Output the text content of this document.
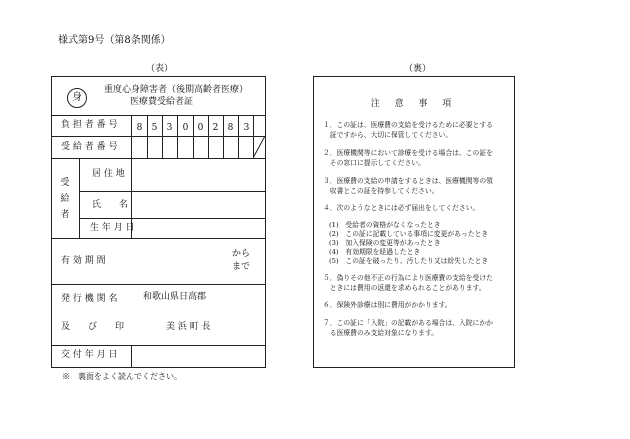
様式第9号（第8条関係）
（表）	（裏）
身
重度心身障害者（後期高齢者医療）
医療費受給者証
負 担 者 番 号	8	5	3	0	0	2	8	3
受 給 者 番 号
受
給
者
居 住 地
氏　　名
生 年 月 日
有 効 期 間
から
まで
発 行 機 関 名	和歌山県日高郡
及　　び　　印	美 浜 町 長
交 付 年 月 日
※　裏面をよく読んでください。
注 意 事 項
１．この証は、医療費の支給を受けるために必要とする
　証ですから、大切に保管してください。
２．医療機関等において診療を受ける場合は、この証を
　その窓口に提示してください。
３．医療費の支給の申請をするときは、医療機関等の領
　収書とこの証を持参してください。
４．次のようなときには必ず届出をしてください。
(1)　受給者の資格がなくなったとき
(2)　この証に記載している事項に変更があったとき
(3)　加入保険の変更等があったとき
(4)　有効期限を経過したとき
(5)　この証を破ったり、汚したり又は紛失したとき
５．偽りその他不正の行為により医療費の支給を受けた
　ときには費用の返還を求められることがあります。
６．保険外診療は別に費用がかかります。
７．この証に「入院」の記載がある場合は、入院にかか
　る医療費のみ支給対象になります。
